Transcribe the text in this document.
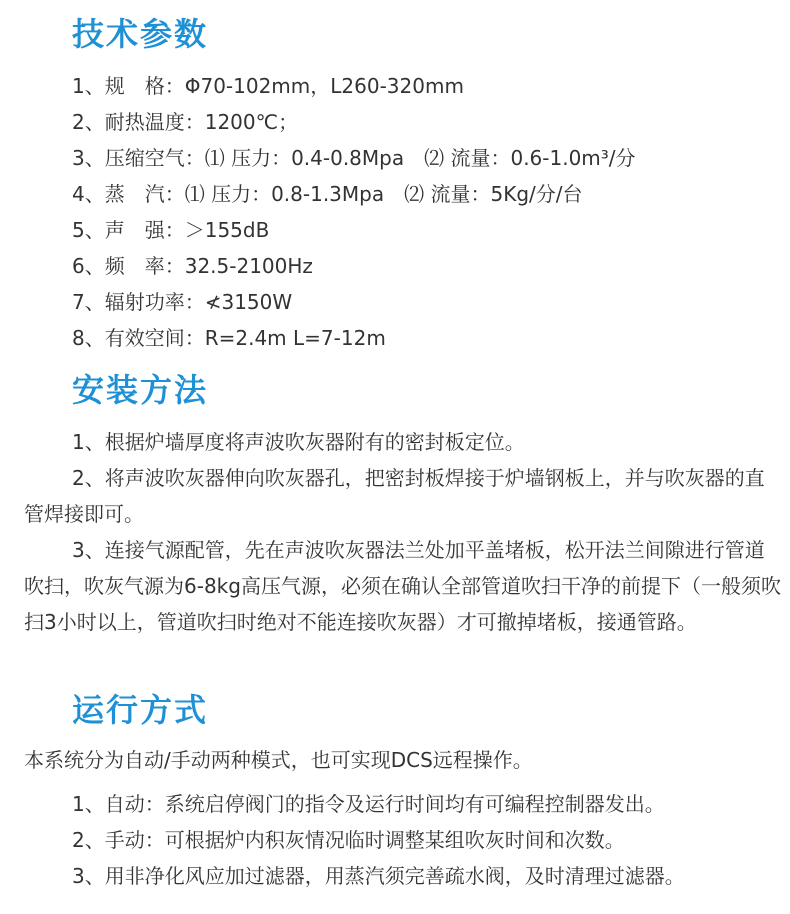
技术参数
1、规　格：Φ70-102mm，L260-320mm
2、耐热温度：1200℃；
3、压缩空气：⑴ 压力：0.4-0.8Mpa　⑵ 流量：0.6-1.0m³/分
4、蒸　汽：⑴ 压力：0.8-1.3Mpa　⑵ 流量：5Kg/分/台
5、声　强：＞155dB
6、频　率：32.5-2100Hz
7、辐射功率：≮3150W
8、有效空间：R=2.4m L=7-12m
安装方法

1、根据炉墙厚度将声波吹灰器附有的密封板定位。

2、将声波吹灰器伸向吹灰器孔，把密封板焊接于炉墙钢板上，并与吹灰器的直管焊接即可。

3、连接气源配管，先在声波吹灰器法兰处加平盖堵板，松开法兰间隙进行管道吹扫，吹灰气源为6-8kg高压气源，必须在确认全部管道吹扫干净的前提下（一般须吹扫3小时以上，管道吹扫时绝对不能连接吹灰器）才可撤掉堵板，接通管路。

运行方式
本系统分为自动/手动两种模式，也可实现DCS远程操作。
1、自动：系统启停阀门的指令及运行时间均有可编程控制器发出。
2、手动：可根据炉内积灰情况临时调整某组吹灰时间和次数。
3、用非净化风应加过滤器，用蒸汽须完善疏水阀，及时清理过滤器。
